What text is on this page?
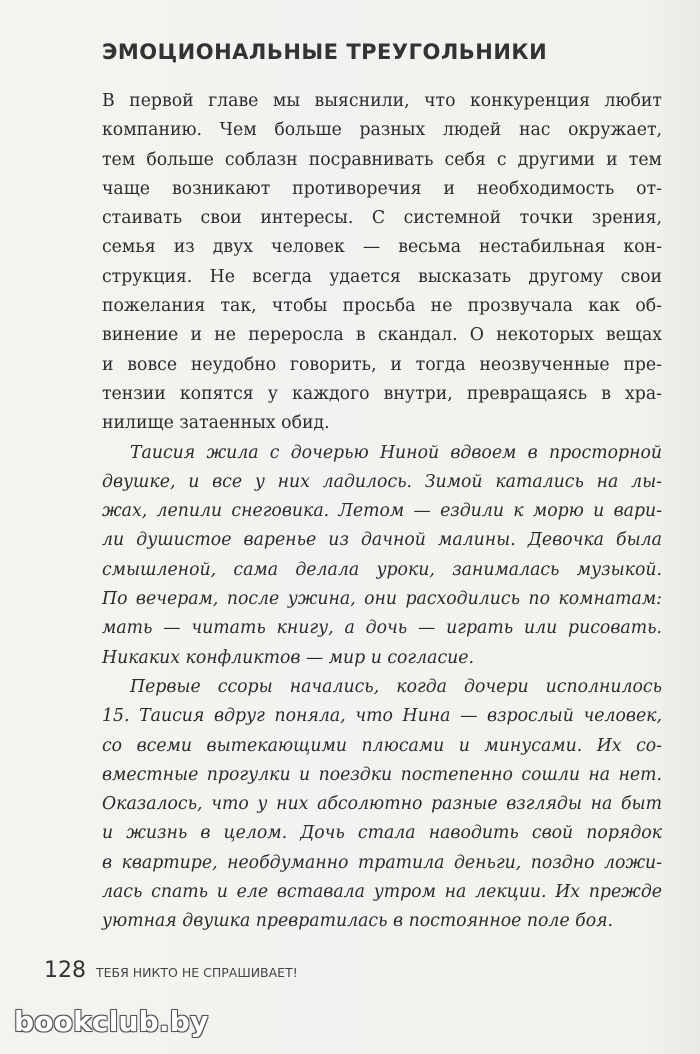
ЭМОЦИОНАЛЬНЫЕ ТРЕУГОЛЬНИКИ
В первой главе мы выяснили, что конкуренция любит
компанию. Чем больше разных людей нас окружает,
тем больше соблазн посравнивать себя с другими и тем
чаще возникают противоречия и необходимость от-
стаивать свои интересы. С системной точки зрения,
семья из двух человек — весьма нестабильная кон-
струкция. Не всегда удается высказать другому свои
пожелания так, чтобы просьба не прозвучала как об-
винение и не переросла в скандал. О некоторых вещах
и вовсе неудобно говорить, и тогда неозвученные пре-
тензии копятся у каждого внутри, превращаясь в хра-
нилище затаенных обид.
Таисия жила с дочерью Ниной вдвоем в просторной
двушке, и все у них ладилось. Зимой катались на лы-
жах, лепили снеговика. Летом — ездили к морю и вари-
ли душистое варенье из дачной малины. Девочка была
смышленой, сама делала уроки, занималась музыкой.
По вечерам, после ужина, они расходились по комнатам:
мать — читать книгу, а дочь — играть или рисовать.
Никаких конфликтов — мир и согласие.
Первые ссоры начались, когда дочери исполнилось
15. Таисия вдруг поняла, что Нина — взрослый человек,
со всеми вытекающими плюсами и минусами. Их со-
вместные прогулки и поездки постепенно сошли на нет.
Оказалось, что у них абсолютно разные взгляды на быт
и жизнь в целом. Дочь стала наводить свой порядок
в квартире, необдуманно тратила деньги, поздно ложи-
лась спать и еле вставала утром на лекции. Их прежде
уютная двушка превратилась в постоянное поле боя.
128 ТЕБЯ НИКТО НЕ СПРАШИВАЕТ!
bookclub.by
